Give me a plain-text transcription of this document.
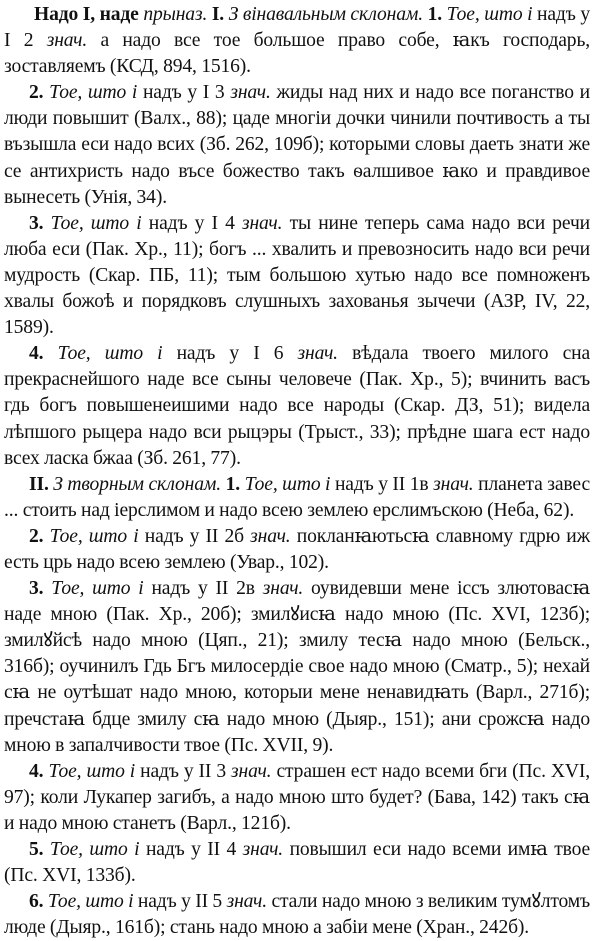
Надо I, наде прыназ. I. З вінавальным склонам. 1. Тое, што і надъ у I 2 знач. а надо все тое большое право собе, ꙗкъ господарь, зоставляемъ (КСД, 894, 1516).

2. Тое, што і надъ у I 3 знач. жиды над них и надо все поганство и люди повышит (Валх., 88); цаде многіи дочки чинили почтивость а ты възышла еси надо всих (Зб. 262, 109б); которыми словы даеть знати же се антихристь надо въсе божество такъ ѳалшивое ꙗко и правдивое вынесеть (Унія, 34).

3. Тое, што і надъ у I 4 знач. ты нине теперь сама надо вси речи люба еси (Пак. Хр., 11); богъ ... хвалить и превозносить надо вси речи мудрость (Скар. ПБ, 11); тым большою хутью надо все помноженъ хвалы божоѣ и порядковъ слушныхъ захованья зычечи (АЗР, IV, 22, 1589).

4. Тое, што і надъ у I 6 знач. вѣдала твоего милого сна прекраснейшого наде все сыны человече (Пак. Хр., 5); вчинить васъ гдь богъ повышенеишими надо все народы (Скар. ДЗ, 51); видела лѣпшого рыцера надо вси рыцэры (Трыст., 33); прѣдне шага ест надо всех ласка бжаа (Зб. 261, 77).

II. З творным склонам. 1. Тое, што і надъ у II 1в знач. планета завес ... стоить над іерслимом и надо всею землею ерслимъскою (Неба, 62).

2. Тое, што і надъ у II 2б знач. покланꙗютьсꙗ славному гдрю иж есть црь надо всею землею (Увар., 102).

3. Тое, што і надъ у II 2в знач. оувидевши мене іссъ злютовасꙗ наде мною (Пак. Хр., 20б); змилꙋисꙗ надо мною (Пс. XVI, 123б); змилꙋйсѣ надо мною (Цяп., 21); змилу тесꙗ надо мною (Бельск., 316б); оучинилъ Гдь Бгъ милосердіе свое надо мною (Сматр., 5); нехай сꙗ не оутѣшат надо мною, которыи мене ненавидꙗть (Варл., 271б); пречстаꙗ бдце змилу сꙗ надо мною (Дыяр., 151); ани срожсꙗ надо мною в запалчивости твое (Пс. XVII, 9).

4. Тое, што і надъ у II 3 знач. страшен ест надо всеми бги (Пс. XVI, 97); коли Лукапер загибъ, а надо мною што будет? (Бава, 142) такъ сꙗ и надо мною станетъ (Варл., 121б).

5. Тое, што і надъ у II 4 знач. повышил еси надо всеми имꙗ твое (Пс. XVI, 133б).

6. Тое, што і надъ у II 5 знач. стали надо мною з великим тумꙋлтомъ люде (Дыяр., 161б); стань надо мною а забіи мене (Хран., 242б).
